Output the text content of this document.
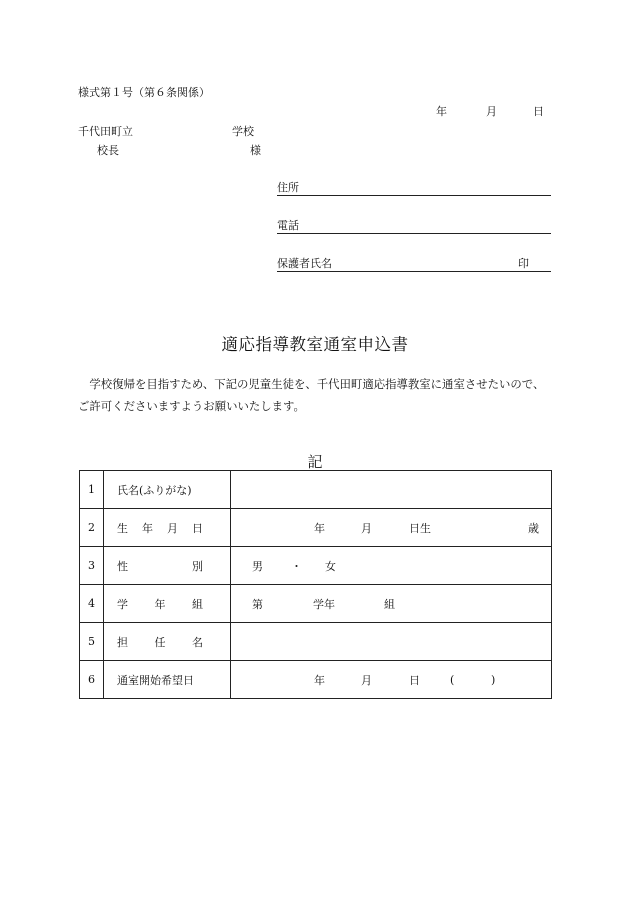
様式第１号（第６条関係）
年	月	日
千代田町立	学校
校長	様
住所
電話
保護者氏名	印
適応指導教室通室申込書
　学校復帰を目指すため、下記の児童生徒を、千代田町適応指導教室に通室させたいので、
ご許可くださいますようお願いいたします。
記
1	氏名(ふりがな)	
2	生 年 月 日	年 月 日生 歳

3	性 別	男 ・ 女

4	学 年 組	第 学年 組

5	担 任 名	

6	通室開始希望日	年 月 日 ( )
